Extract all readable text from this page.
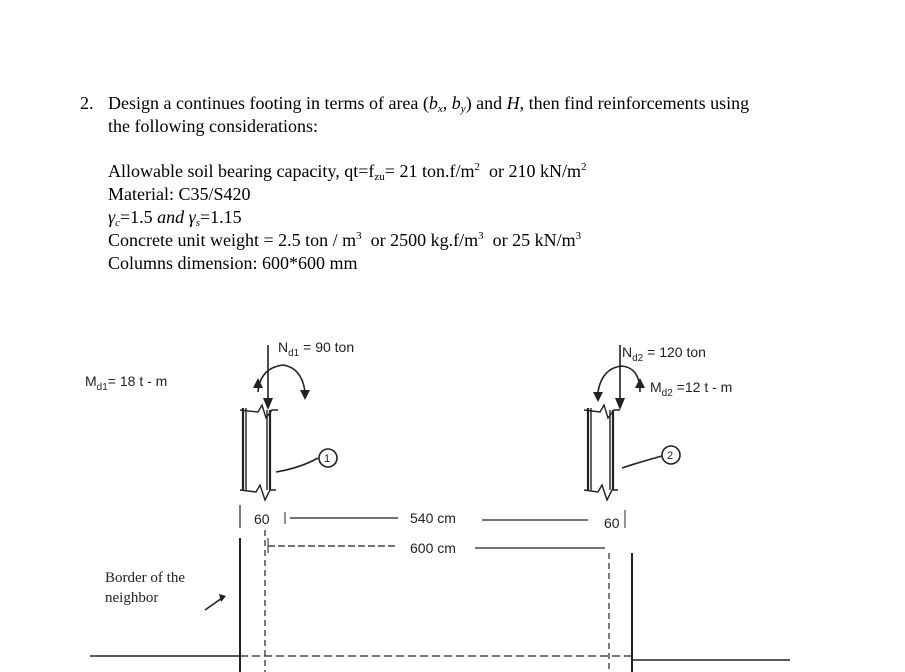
2. Design a continues footing in terms of area ($b_x$, $b_y$) and H, then find reinforcements using
the following considerations:
Allowable soil bearing capacity, $qt=f_{zu}= 21$ $ton.f/m^2$  or 210 $kN/m^2$
Material: C35/S420
$\gamma_c=1.5$ and $\gamma_s=1.15$
Concrete unit weight = 2.5 ton / $m^3$  or 2500 $kg.f/m^3$  or 25 $kN/m^3$
Columns dimension: 600*600 mm
$N_{d1} = 90$ ton
$M_{d1}= 18$ t - m
$N_{d2} = 120$ ton
$M_{d2} =12$ t - m
1	2
60	60
540 cm
600 cm
Border of the
neighbor
